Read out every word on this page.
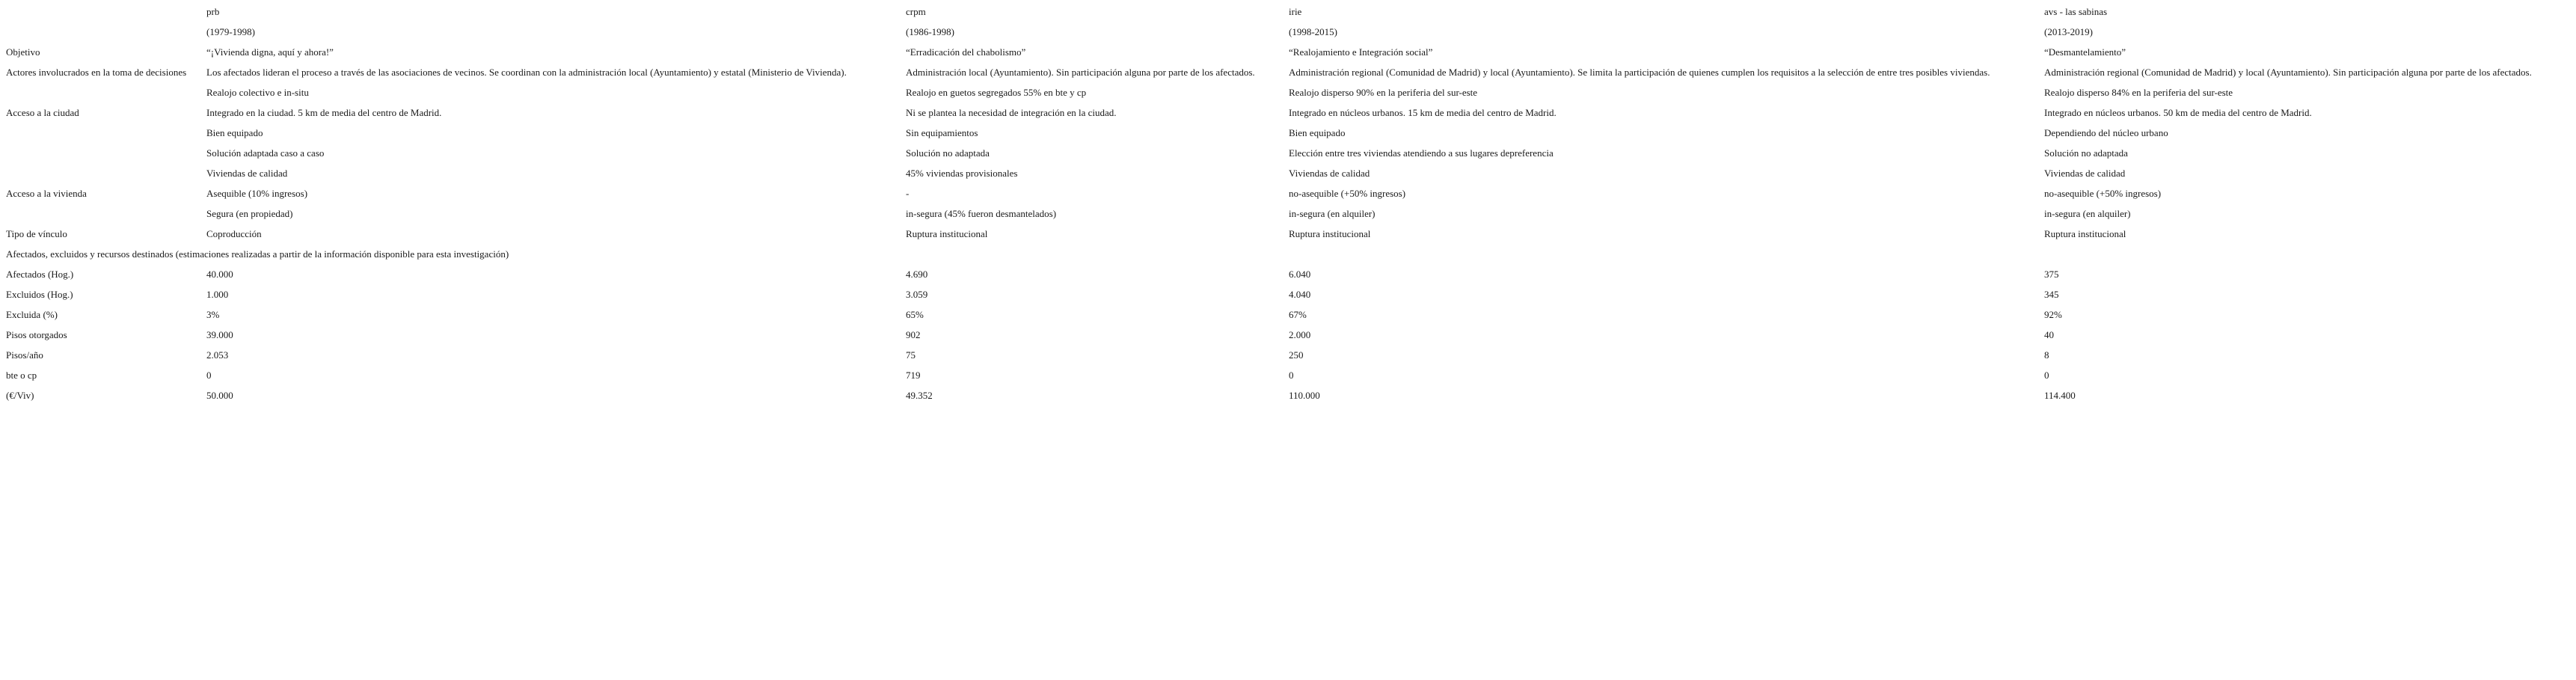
	prb	crpm	irie	avs - las sabinas
	(1979-1998)	(1986-1998)	(1998-2015)	(2013-2019)
Objetivo	“¡Vivienda digna, aquí y ahora!”	“Erradicación del chabolismo”	“Realojamiento e Integración social”	“Desmantelamiento”
Actores involucrados en la toma de decisiones	Los afectados lideran el proceso a través de las asociaciones de vecinos. Se coordinan con la administración local (Ayuntamiento) y estatal (Ministerio de Vivienda).	Administración local (Ayuntamiento). Sin participación alguna por parte de los afectados.	Administración regional (Comunidad de Madrid) y local (Ayuntamiento). Se limita la participación de quienes cumplen los requisitos a la selección de entre tres posibles viviendas.	Administración regional (Comunidad de Madrid) y local (Ayuntamiento). Sin participación alguna por parte de los afectados.
	Realojo colectivo e in-situ	Realojo en guetos segregados 55% en bte y cp	Realojo disperso 90% en la periferia del sur-este	Realojo disperso 84% en la periferia del sur-este
Acceso a la ciudad	Integrado en la ciudad. 5 km de media del centro de Madrid.	Ni se plantea la necesidad de integración en la ciudad.	Integrado en núcleos urbanos. 15 km de media del centro de Madrid.	Integrado en núcleos urbanos. 50 km de media del centro de Madrid.
	Bien equipado	Sin equipamientos	Bien equipado	Dependiendo del núcleo urbano
	Solución adaptada caso a caso	Solución no adaptada	Elección entre tres viviendas atendiendo a sus lugares depreferencia	Solución no adaptada
Acceso a la vivienda	Viviendas de calidad	45% viviendas provisionales	Viviendas de calidad	Viviendas de calidad
	Asequible (10% ingresos)	-	no-asequible (+50% ingresos)	no-asequible (+50% ingresos)
	Segura (en propiedad)	in-segura (45% fueron desmantelados)	in-segura (en alquiler)	in-segura (en alquiler)
Tipo de vínculo	Coproducción	Ruptura institucional	Ruptura institucional	Ruptura institucional
Afectados, excluidos y recursos destinados (estimaciones realizadas a partir de la información disponible para esta investigación)				
Afectados (Hog.)	40.000	4.690	6.040	375
Excluidos (Hog.)	1.000	3.059	4.040	345
Excluida (%)	3%	65%	67%	92%
Pisos otorgados	39.000	902	2.000	40
Pisos/año	2.053	75	250	8
bte o cp	0	719	0	0
(€/Viv)	50.000	49.352	110.000	114.400
